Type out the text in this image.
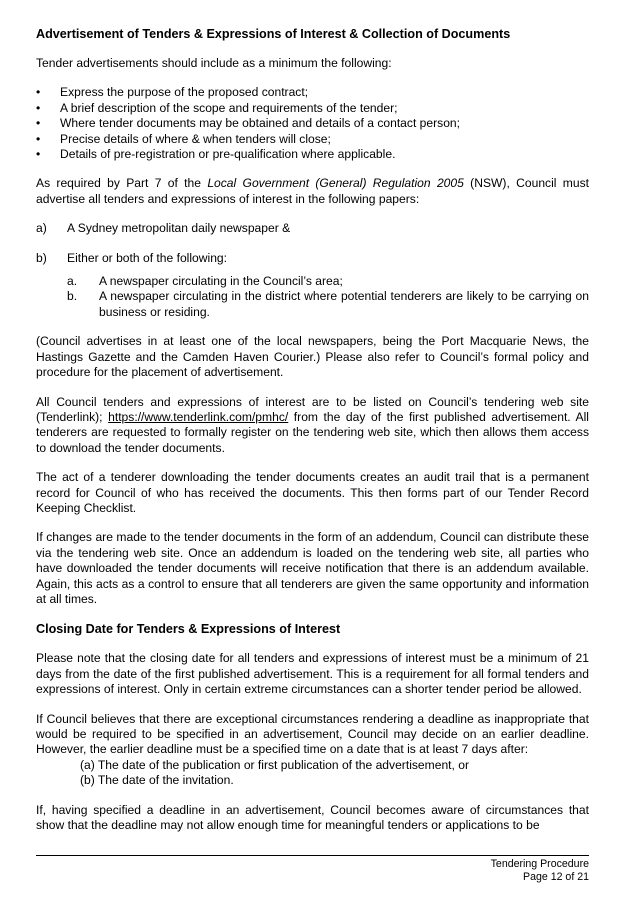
Advertisement of Tenders & Expressions of Interest & Collection of Documents

Tender advertisements should include as a minimum the following:

• Express the purpose of the proposed contract;
• A brief description of the scope and requirements of the tender;
• Where tender documents may be obtained and details of a contact person;
• Precise details of where & when tenders will close;
• Details of pre-registration or pre-qualification where applicable.

As required by Part 7 of the Local Government (General) Regulation 2005 (NSW), Council must advertise all tenders and expressions of interest in the following papers:

a) A Sydney metropolitan daily newspaper &
b) Either or both of the following:
a. A newspaper circulating in the Council’s area;
b. A newspaper circulating in the district where potential tenderers are likely to be carrying on business or residing.

(Council advertises in at least one of the local newspapers, being the Port Macquarie News, the Hastings Gazette and the Camden Haven Courier.) Please also refer to Council’s formal policy and procedure for the placement of advertisement.

All Council tenders and expressions of interest are to be listed on Council’s tendering web site (Tenderlink); https://www.tenderlink.com/pmhc/ from the day of the first published advertisement. All tenderers are requested to formally register on the tendering web site, which then allows them access to download the tender documents.

The act of a tenderer downloading the tender documents creates an audit trail that is a permanent record for Council of who has received the documents. This then forms part of our Tender Record Keeping Checklist.

If changes are made to the tender documents in the form of an addendum, Council can distribute these via the tendering web site. Once an addendum is loaded on the tendering web site, all parties who have downloaded the tender documents will receive notification that there is an addendum available. Again, this acts as a control to ensure that all tenderers are given the same opportunity and information at all times.

Closing Date for Tenders & Expressions of Interest

Please note that the closing date for all tenders and expressions of interest must be a minimum of 21 days from the date of the first published advertisement. This is a requirement for all formal tenders and expressions of interest. Only in certain extreme circumstances can a shorter tender period be allowed.

If Council believes that there are exceptional circumstances rendering a deadline as inappropriate that would be required to be specified in an advertisement, Council may decide on an earlier deadline. However, the earlier deadline must be a specified time on a date that is at least 7 days after:

(a) The date of the publication or first publication of the advertisement, or
(b) The date of the invitation.

If, having specified a deadline in an advertisement, Council becomes aware of circumstances that show that the deadline may not allow enough time for meaningful tenders or applications to be

Tendering Procedure
Page 12 of 21
